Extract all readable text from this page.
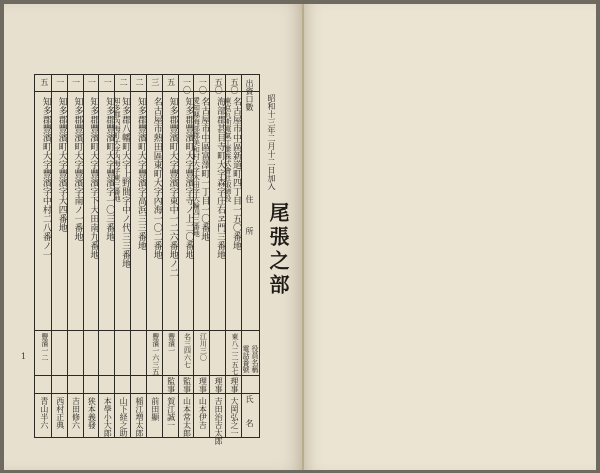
昭和十三年二月十二日加入
尾張之部
1
出資口數
住　　　所
電話番號 役員名稱
氏　　名
五〇
名古屋市中區新道町四丁目一五〇番地
東京瓦斯電氣工業株式會社取締役
東八二二五七
理事
大岡弘之一
五〇
海部郡甚目寺町大字森字庄右ヱ門三番地
理事
吉田治吉太郎
一〇
名古屋市中區富澤町一丁目一〇番地
愛知縣海部郡美和村大字木田字大輪四三番地
江川三〇
理事
山本伊吉
一〇
知多郡豐濱町大字豐濱字寺ノ上二〇番地
名三四六七
監事
山本常太郎
五
知多郡豐濱町大字豐濱字東中一二六番地ノ二
豐濱一
監事
賀江誠一
三
名古屋市熱田區東町大字內海一〇二番地
豐濱一六三五
前田顯
二
知多郡豐濱町大字豐濱字高浜三三番地
稲江増太郎
二
知多郡八幡町大字上野間字中ノ代三三番地
知多郡內海町大字內海字東三番地
山下経之助
一
知多郡豐濱町大字豐濱字一〇三番地
本學小大郎
一
知多郡豐濱町大字豐濱字下大田南九番地
狭本義發
一
知多郡豐濱町大字豐濱字南ノ一番地
吉田修六
一
知多郡豐濱町大字豐濱字大四番地
西村正典
五
知多郡豐濱町大字豐濱字中村二八番ノ一
豐濱一二
青山半六
